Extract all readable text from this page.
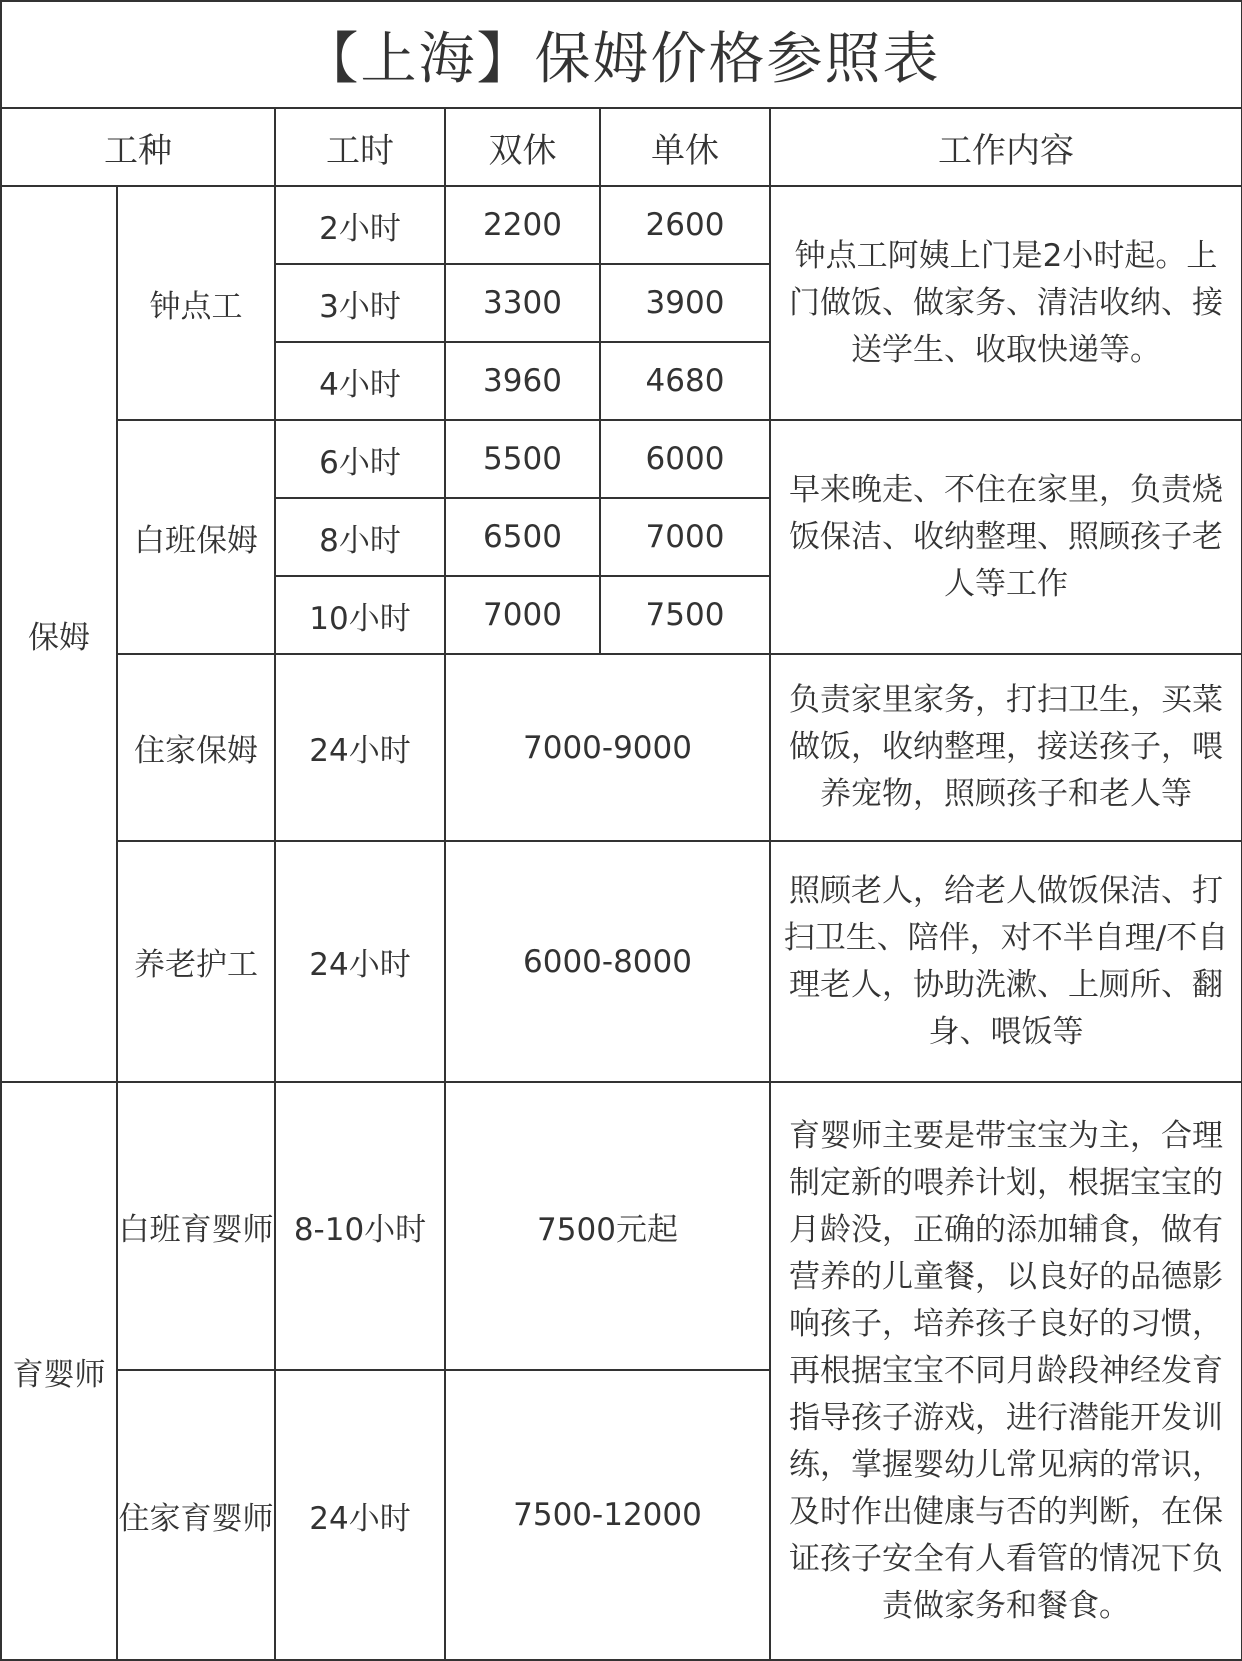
【上海】保姆价格参照表					
工种		工时	双休	单休	工作内容
保姆	钟点工	2小时	2200	2600	钟点工阿姨上门是2小时起。上门做饭、做家务、清洁收纳、接送学生、收取快递等。
		3小时	3300	3900	
		4小时	3960	4680	
	白班保姆	6小时	5500	6000	早来晚走、不住在家里，负责烧饭保洁、收纳整理、照顾孩子老人等工作
		8小时	6500	7000	
		10小时	7000	7500	
	住家保姆	24小时	7000-9000		负责家里家务，打扫卫生，买菜做饭，收纳整理，接送孩子，喂养宠物，照顾孩子和老人等

	养老护工	24小时	6000-8000		照顾老人，给老人做饭保洁、打扫卫生、陪伴，对不半自理/不自理老人，协助洗漱、上厕所、翻身、喂饭等

育婴师	白班育婴师	8-10小时	7500元起		育婴师主要是带宝宝为主，合理制定新的喂养计划，根据宝宝的月龄没，正确的添加辅食，做有营养的儿童餐，以良好的品德影响孩子，培养孩子良好的习惯，再根据宝宝不同月龄段神经发育指导孩子游戏，进行潜能开发训练，掌握婴幼儿常见病的常识，及时作出健康与否的判断，在保证孩子安全有人看管的情况下负责做家务和餐食。
	住家育婴师	24小时	7500-12000		
